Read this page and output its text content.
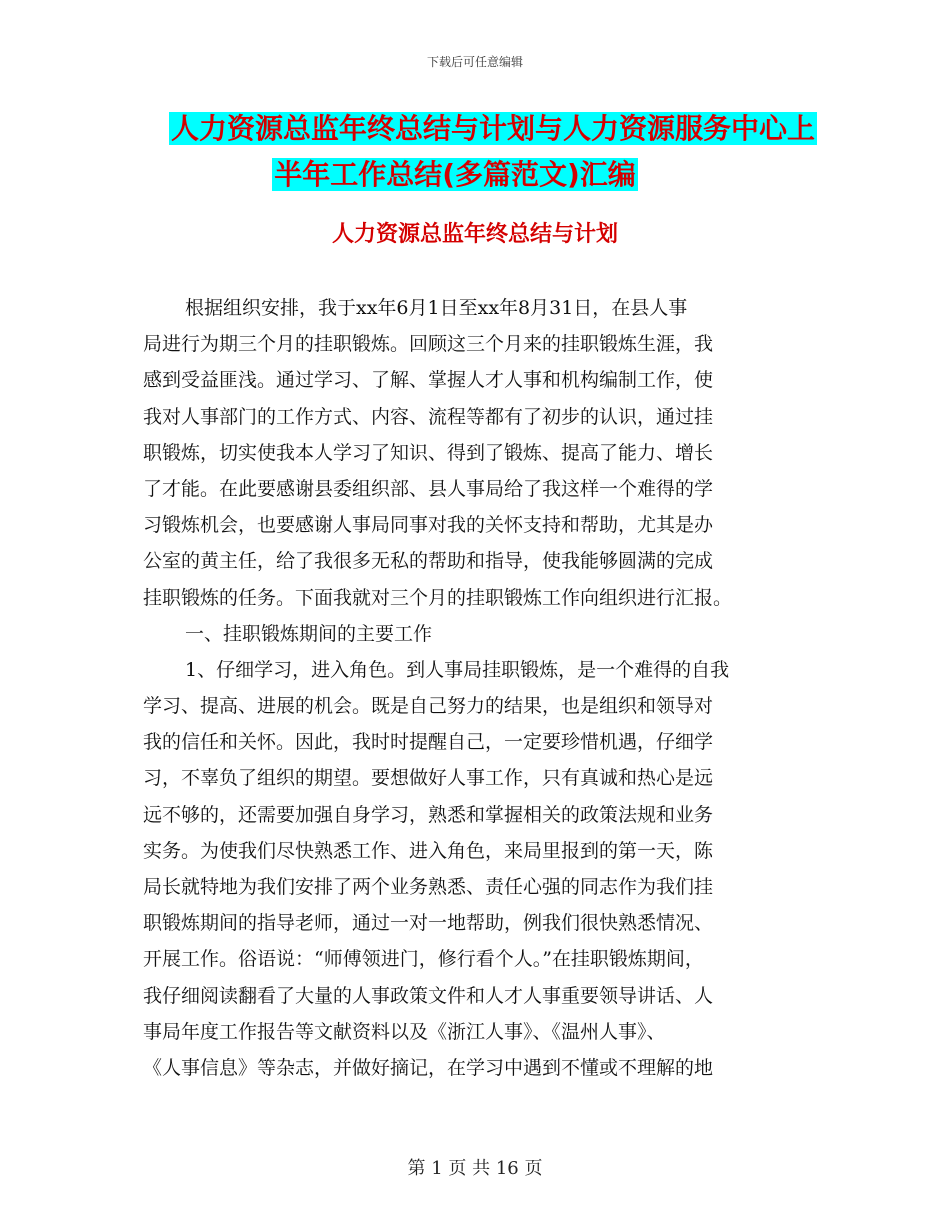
下载后可任意编辑
人力资源总监年终总结与计划与人力资源服务中心上
半年工作总结(多篇范文)汇编
人力资源总监年终总结与计划
根据组织安排，我于xx年6月1日至xx年8月31日，在县人事
局进行为期三个月的挂职锻炼。回顾这三个月来的挂职锻炼生涯，我
感到受益匪浅。通过学习、了解、掌握人才人事和机构编制工作，使
我对人事部门的工作方式、内容、流程等都有了初步的认识，通过挂
职锻炼，切实使我本人学习了知识、得到了锻炼、提高了能力、增长
了才能。在此要感谢县委组织部、县人事局给了我这样一个难得的学
习锻炼机会，也要感谢人事局同事对我的关怀支持和帮助，尤其是办
公室的黄主任，给了我很多无私的帮助和指导，使我能够圆满的完成
挂职锻炼的任务。下面我就对三个月的挂职锻炼工作向组织进行汇报。
一、挂职锻炼期间的主要工作
1、仔细学习，进入角色。到人事局挂职锻炼，是一个难得的自我
学习、提高、进展的机会。既是自己努力的结果，也是组织和领导对
我的信任和关怀。因此，我时时提醒自己，一定要珍惜机遇，仔细学
习，不辜负了组织的期望。要想做好人事工作，只有真诚和热心是远
远不够的，还需要加强自身学习，熟悉和掌握相关的政策法规和业务
实务。为使我们尽快熟悉工作、进入角色，来局里报到的第一天，陈
局长就特地为我们安排了两个业务熟悉、责任心强的同志作为我们挂
职锻炼期间的指导老师，通过一对一地帮助，例我们很快熟悉情况、
开展工作。俗语说：“师傅领进门，修行看个人。”在挂职锻炼期间，
我仔细阅读翻看了大量的人事政策文件和人才人事重要领导讲话、人
事局年度工作报告等文献资料以及《浙江人事》、《温州人事》、
《人事信息》等杂志，并做好摘记，在学习中遇到不懂或不理解的地
第 1 页 共 16 页
